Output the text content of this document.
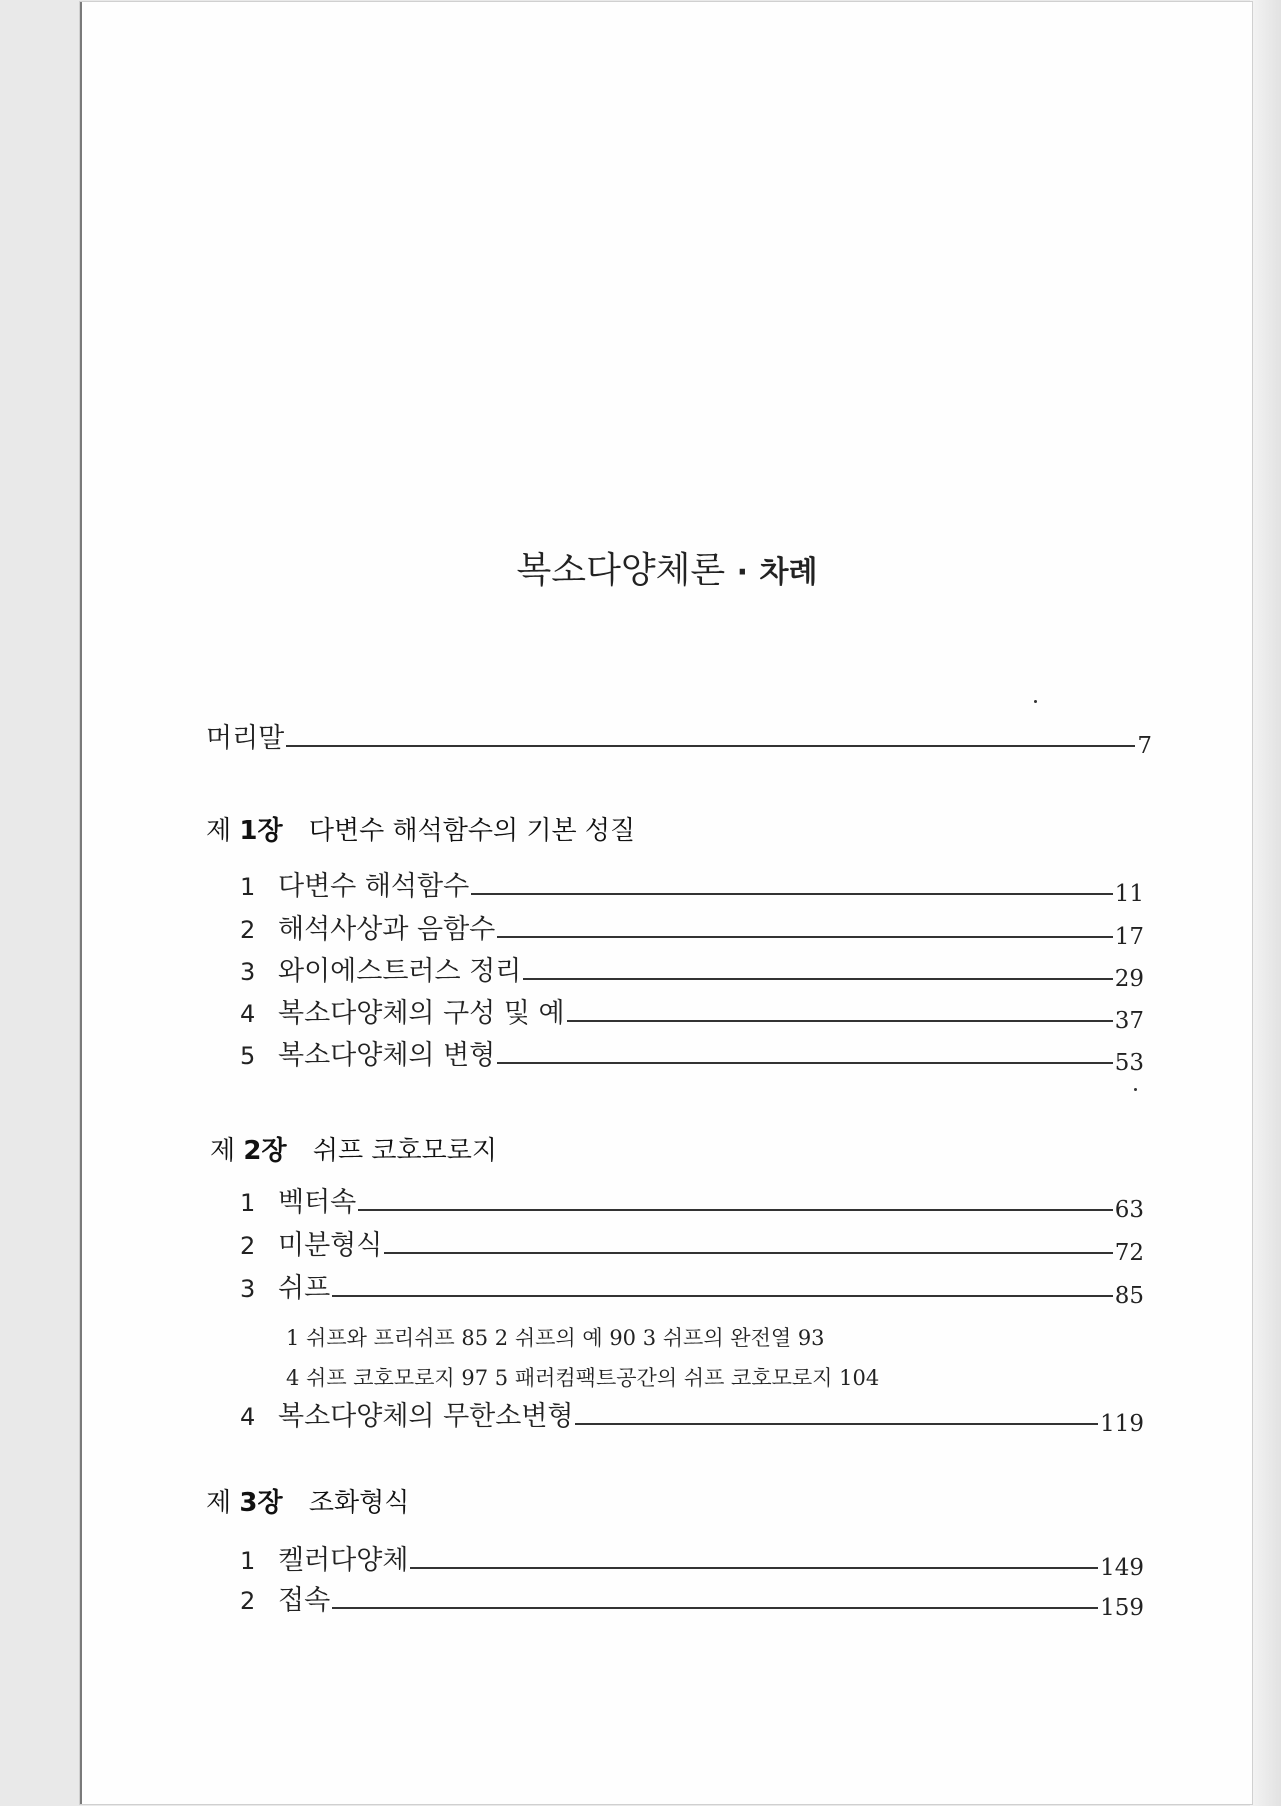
복소다양체론 · 차례
머리말	7
제 1장 다변수 해석함수의 기본 성질
1 다변수 해석함수	11
2 해석사상과 음함수	17
3 와이에스트러스 정리	29
4 복소다양체의 구성 및 예	37
5 복소다양체의 변형	53
제 2장 쉬프 코호모로지
1 벡터속	63
2 미분형식	72
3 쉬프	85
1 쉬프와 프리쉬프 85 2 쉬프의 예 90 3 쉬프의 완전열 93
4 쉬프 코호모로지 97 5 패러컴팩트공간의 쉬프 코호모로지 104
4 복소다양체의 무한소변형	119
제 3장 조화형식
1 켈러다양체	149
2 접속	159
